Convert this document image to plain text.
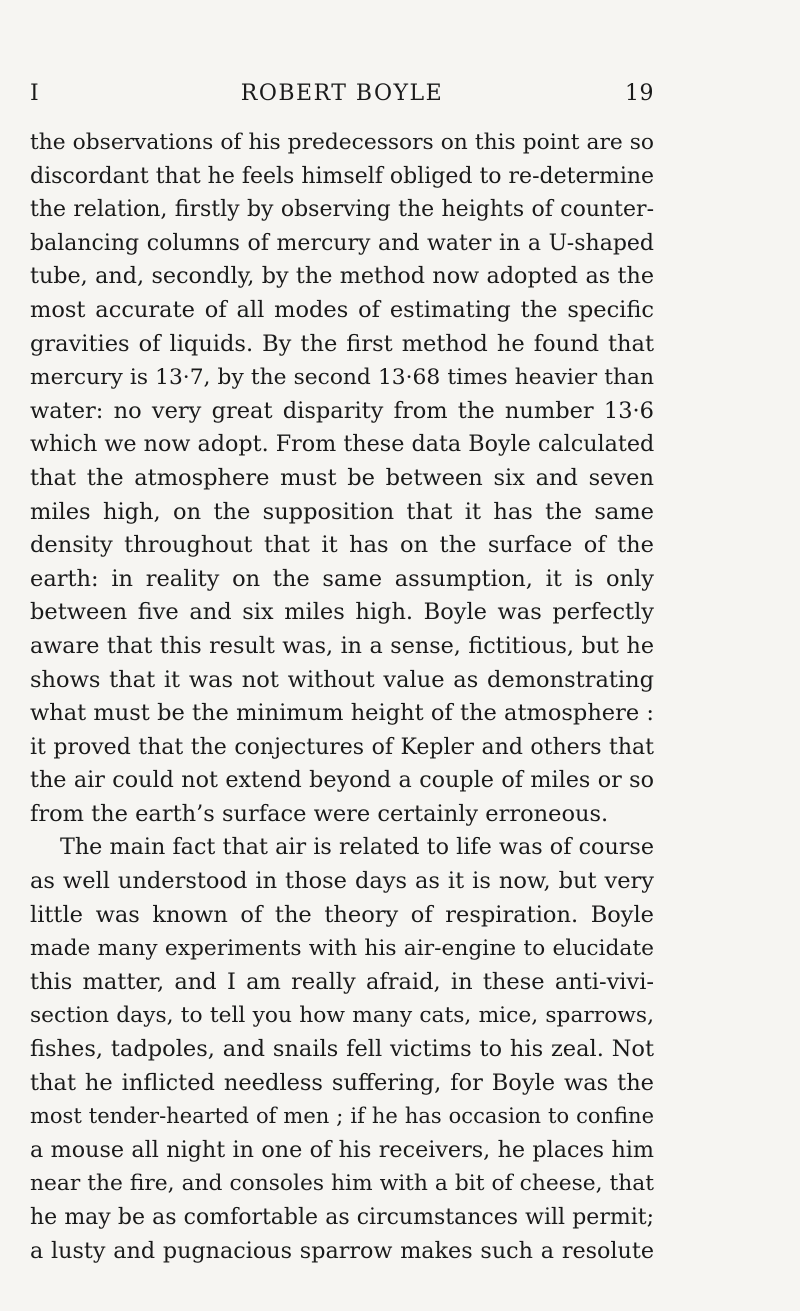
I	ROBERT BOYLE	19
the observations of his predecessors on this point are so
discordant that he feels himself obliged to re-determine
the relation, firstly by observing the heights of counter-
balancing columns of mercury and water in a U-shaped
tube, and, secondly, by the method now adopted as the
most accurate of all modes of estimating the specific
gravities of liquids. By the first method he found that
mercury is 13·7, by the second 13·68 times heavier than
water: no very great disparity from the number 13·6
which we now adopt. From these data Boyle calculated
that the atmosphere must be between six and seven
miles high, on the supposition that it has the same
density throughout that it has on the surface of the
earth: in reality on the same assumption, it is only
between five and six miles high. Boyle was perfectly
aware that this result was, in a sense, fictitious, but he
shows that it was not without value as demonstrating
what must be the minimum height of the atmosphere :
it proved that the conjectures of Kepler and others that
the air could not extend beyond a couple of miles or so
from the earth’s surface were certainly erroneous.
The main fact that air is related to life was of course
as well understood in those days as it is now, but very
little was known of the theory of respiration. Boyle
made many experiments with his air-engine to elucidate
this matter, and I am really afraid, in these anti-vivi-
section days, to tell you how many cats, mice, sparrows,
fishes, tadpoles, and snails fell victims to his zeal. Not
that he inflicted needless suffering, for Boyle was the
most tender-hearted of men ; if he has occasion to confine
a mouse all night in one of his receivers, he places him
near the fire, and consoles him with a bit of cheese, that
he may be as comfortable as circumstances will permit;
a lusty and pugnacious sparrow makes such a resolute
